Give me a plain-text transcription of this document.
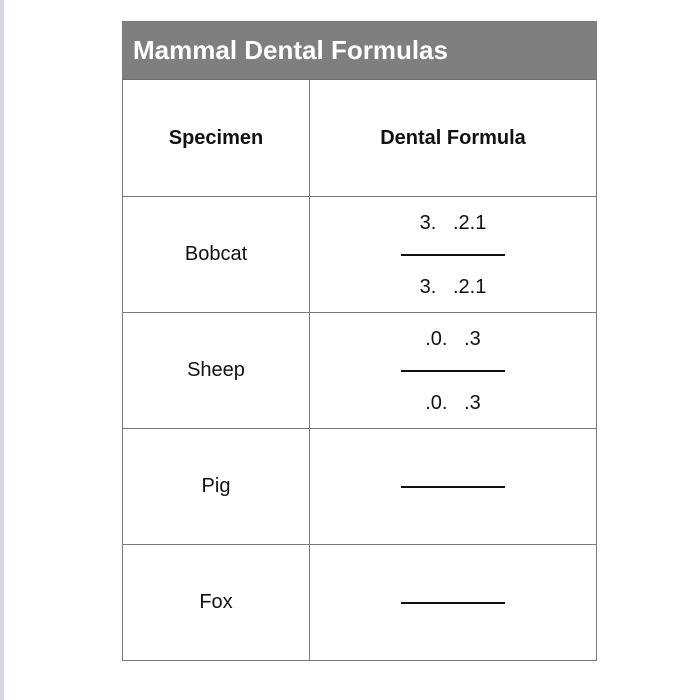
Mammal Dental Formulas
Specimen	Dental Formula
Bobcat	$\frac{3. .2.1}{3. .2.1}$
Sheep	$\frac{.0. .3}{.0. .3}$
Pig
Fox
